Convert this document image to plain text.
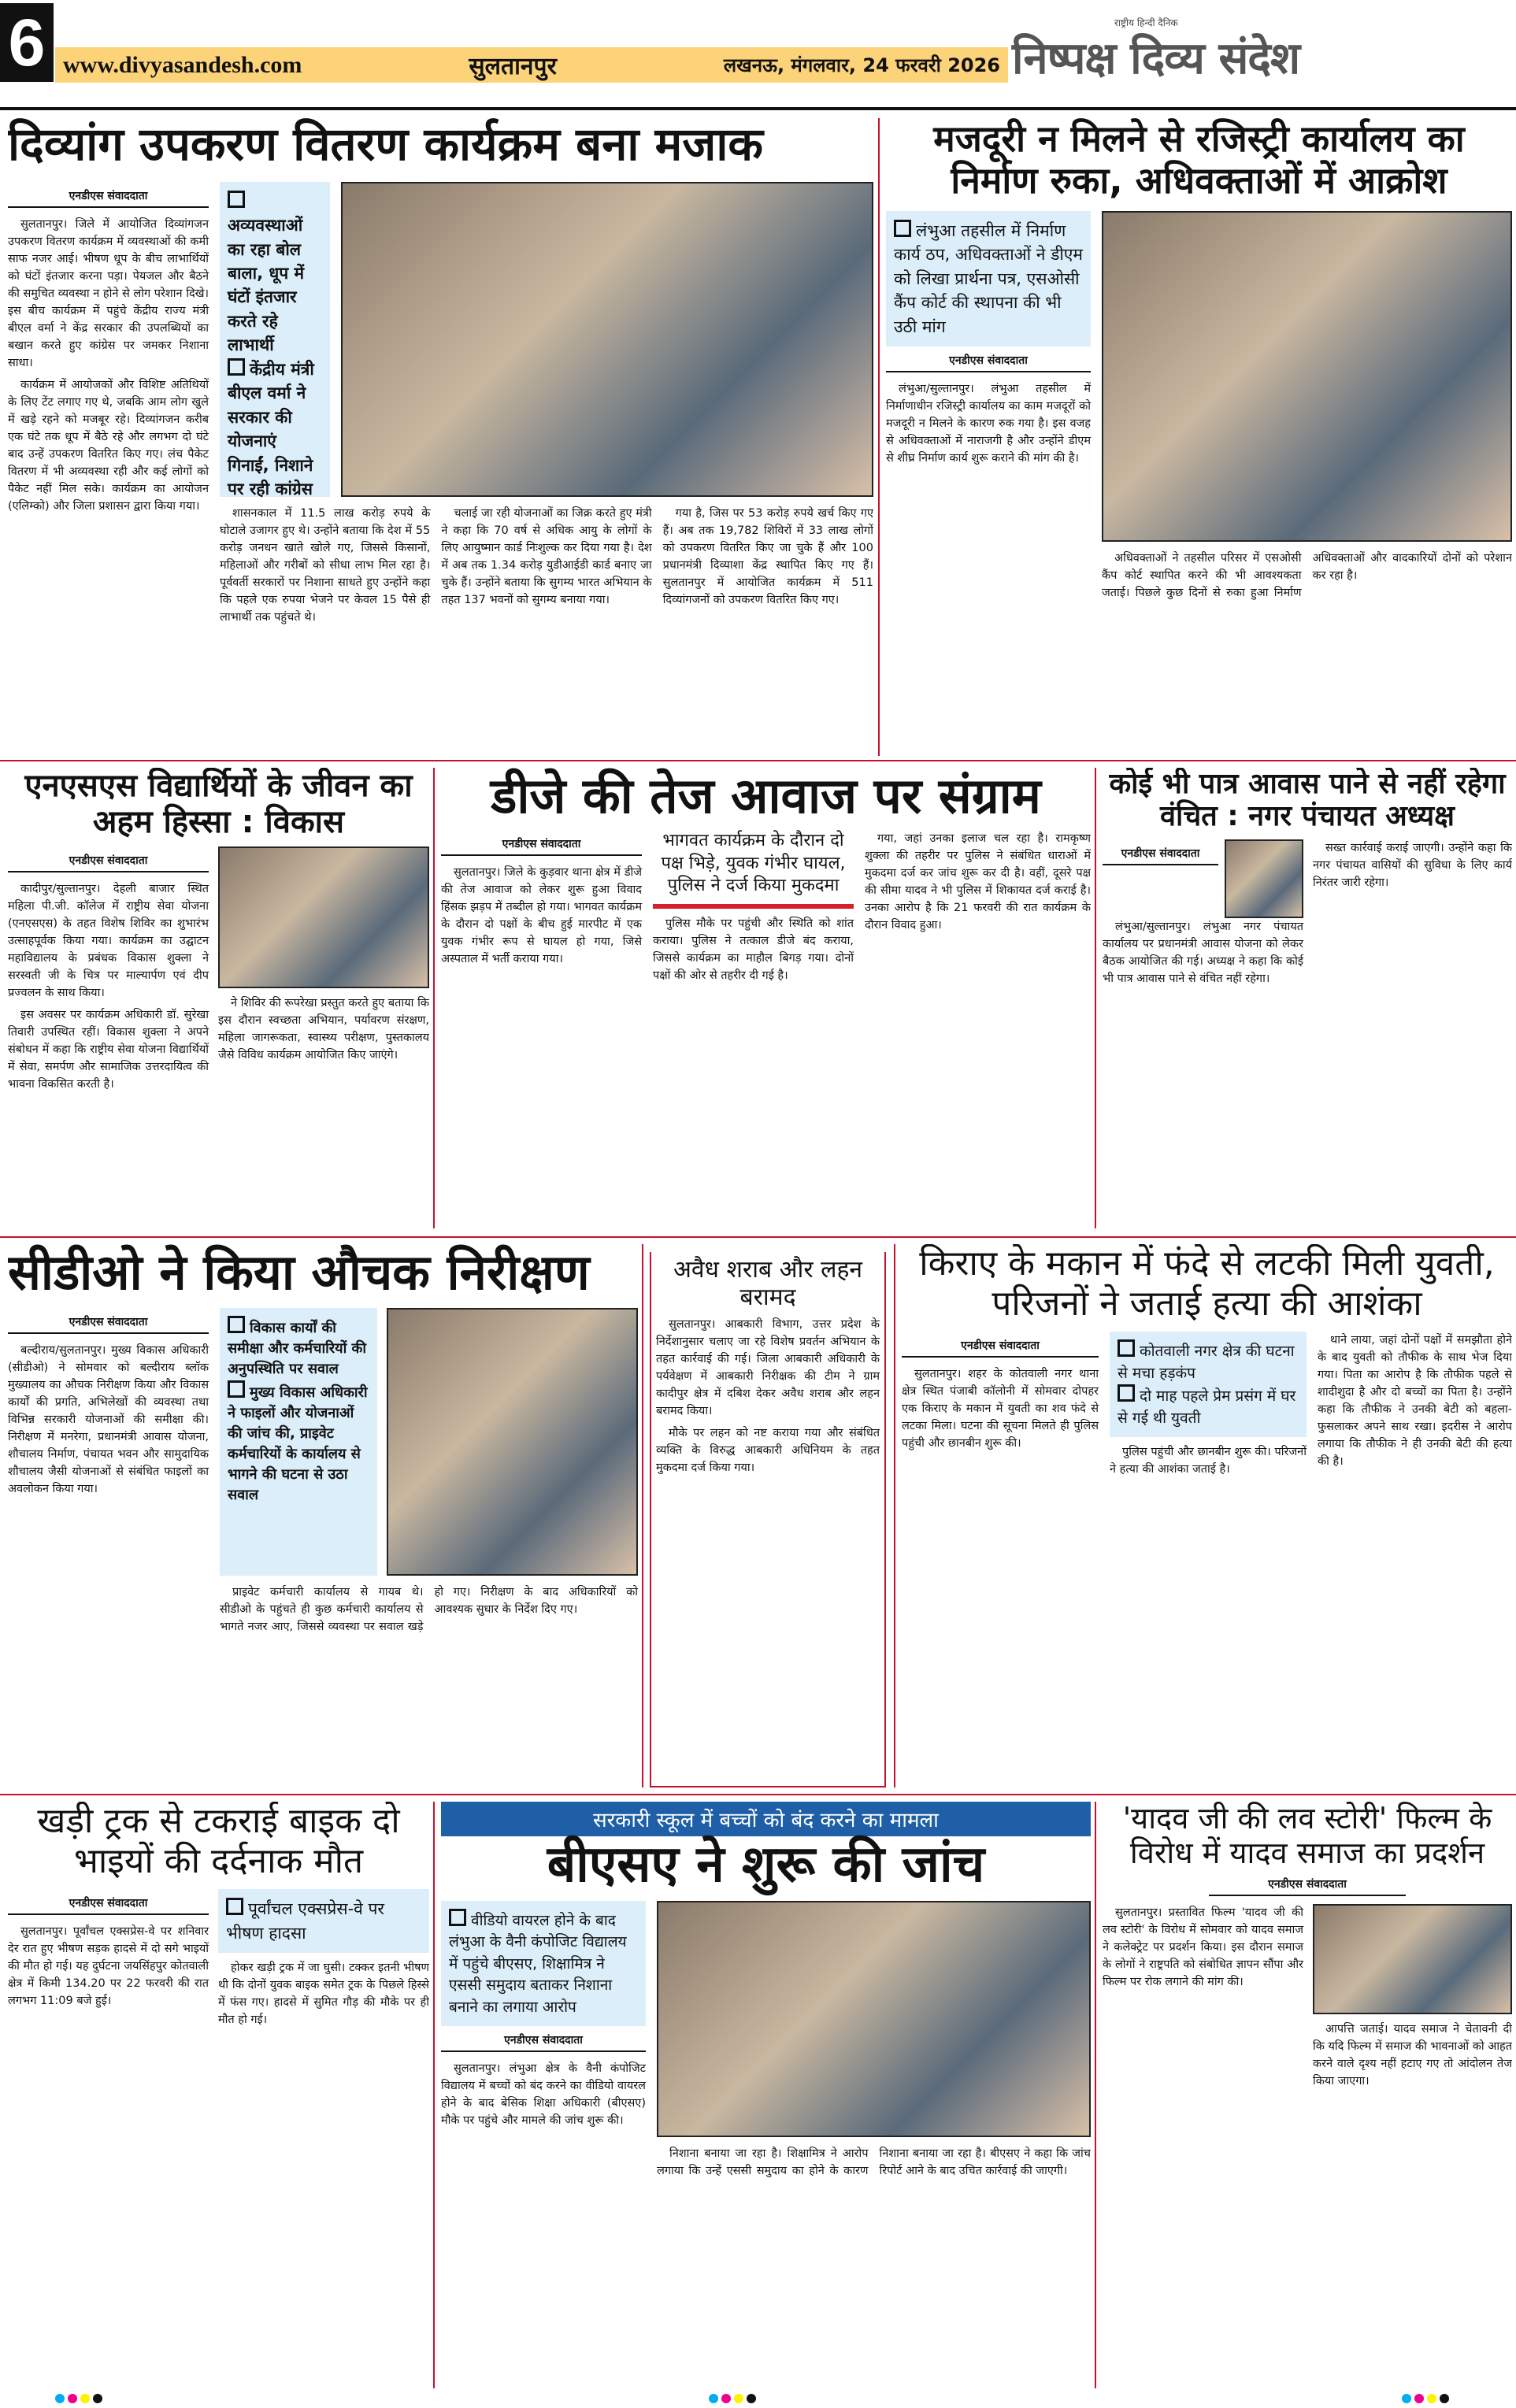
6 www.divyasandesh.com	सुलतानपुर	लखनऊ, मंगलवार, 24 फरवरी 2026
राष्ट्रीय हिन्दी दैनिक
निष्पक्ष दिव्य संदेश
दिव्यांग उपकरण वितरण कार्यक्रम बना मजाक
एनडीएस संवाददाता

सुलतानपुर। जिले में आयोजित दिव्यांगजन उपकरण वितरण कार्यक्रम में व्यवस्थाओं की कमी साफ नजर आई। भीषण धूप के बीच लाभार्थियों को घंटों इंतजार करना पड़ा। पेयजल और बैठने की समुचित व्यवस्था न होने से लोग परेशान दिखे। इस बीच कार्यक्रम में पहुंचे केंद्रीय राज्य मंत्री बीएल वर्मा ने केंद्र सरकार की उपलब्धियों का बखान करते हुए कांग्रेस पर जमकर निशाना साधा।

कार्यक्रम में आयोजकों और विशिष्ट अतिथियों के लिए टेंट लगाए गए थे, जबकि आम लोग खुले में खड़े रहने को मजबूर रहे। दिव्यांगजन करीब एक घंटे तक धूप में बैठे रहे और लगभग दो घंटे बाद उन्हें उपकरण वितरित किए गए। लंच पैकेट वितरण में भी अव्यवस्था रही और कई लोगों को पैकेट नहीं मिल सके। कार्यक्रम का आयोजन (एलिम्को) और जिला प्रशासन द्वारा किया गया।

अव्यवस्थाओं का रहा बोल बाला, धूप में घंटों इंतजार करते रहे लाभार्थी
केंद्रीय मंत्री बीएल वर्मा ने सरकार की योजनाएं गिनाईं, निशाने पर रही कांग्रेस

शासनकाल में 11.5 लाख करोड़ रुपये के घोटाले उजागर हुए थे। उन्होंने बताया कि देश में 55 करोड़ जनधन खाते खोले गए, जिससे किसानों, महिलाओं और गरीबों को सीधा लाभ मिल रहा है। पूर्ववर्ती सरकारों पर निशाना साधते हुए उन्होंने कहा कि पहले एक रुपया भेजने पर केवल 15 पैसे ही लाभार्थी तक पहुंचते थे।

चलाई जा रही योजनाओं का जिक्र करते हुए मंत्री ने कहा कि 70 वर्ष से अधिक आयु के लोगों के लिए आयुष्मान कार्ड निःशुल्क कर दिया गया है। देश में अब तक 1.34 करोड़ युडीआईडी कार्ड बनाए जा चुके हैं। उन्होंने बताया कि सुगम्य भारत अभियान के तहत 137 भवनों को सुगम्य बनाया गया।

गया है, जिस पर 53 करोड़ रुपये खर्च किए गए हैं। अब तक 19,782 शिविरों में 33 लाख लोगों को उपकरण वितरित किए जा चुके हैं और 100 प्रधानमंत्री दिव्याशा केंद्र स्थापित किए गए हैं। सुलतानपुर में आयोजित कार्यक्रम में 511 दिव्यांगजनों को उपकरण वितरित किए गए।

मजदूरी न मिलने से रजिस्ट्री कार्यालय का निर्माण रुका, अधिवक्ताओं में आक्रोश
लंभुआ तहसील में निर्माण कार्य ठप, अधिवक्ताओं ने डीएम को लिखा प्रार्थना पत्र, एसओसी कैंप कोर्ट की स्थापना की भी उठी मांग
एनडीएस संवाददाता

लंभुआ/सुल्तानपुर। लंभुआ तहसील में निर्माणाधीन रजिस्ट्री कार्यालय का काम मजदूरों को मजदूरी न मिलने के कारण रुक गया है। इस वजह से अधिवक्ताओं में नाराजगी है और उन्होंने डीएम से शीघ्र निर्माण कार्य शुरू कराने की मांग की है।

अधिवक्ताओं ने तहसील परिसर में एसओसी कैंप कोर्ट स्थापित करने की भी आवश्यकता जताई। पिछले कुछ दिनों से रुका हुआ निर्माण अधिवक्ताओं और वादकारियों दोनों को परेशान कर रहा है।

एनएसएस विद्यार्थियों के जीवन का अहम हिस्सा : विकास
एनडीएस संवाददाता

कादीपुर/सुल्तानपुर। देहली बाजार स्थित महिला पी.जी. कॉलेज में राष्ट्रीय सेवा योजना (एनएसएस) के तहत विशेष शिविर का शुभारंभ उत्साहपूर्वक किया गया। कार्यक्रम का उद्घाटन महाविद्यालय के प्रबंधक विकास शुक्ला ने सरस्वती जी के चित्र पर माल्यार्पण एवं दीप प्रज्वलन के साथ किया।

इस अवसर पर कार्यक्रम अधिकारी डॉ. सुरेखा तिवारी उपस्थित रहीं। विकास शुक्ला ने अपने संबोधन में कहा कि राष्ट्रीय सेवा योजना विद्यार्थियों में सेवा, समर्पण और सामाजिक उत्तरदायित्व की भावना विकसित करती है।

ने शिविर की रूपरेखा प्रस्तुत करते हुए बताया कि इस दौरान स्वच्छता अभियान, पर्यावरण संरक्षण, महिला जागरूकता, स्वास्थ्य परीक्षण, पुस्तकालय जैसे विविध कार्यक्रम आयोजित किए जाएंगे।

डीजे की तेज आवाज पर संग्राम
एनडीएस संवाददाता

सुलतानपुर। जिले के कुड़वार थाना क्षेत्र में डीजे की तेज आवाज को लेकर शुरू हुआ विवाद हिंसक झड़प में तब्दील हो गया। भागवत कार्यक्रम के दौरान दो पक्षों के बीच हुई मारपीट में एक युवक गंभीर रूप से घायल हो गया, जिसे अस्पताल में भर्ती कराया गया।

भागवत कार्यक्रम के दौरान दो पक्ष भिड़े, युवक गंभीर घायल, पुलिस ने दर्ज किया मुकदमा

पुलिस मौके पर पहुंची और स्थिति को शांत कराया। पुलिस ने तत्काल डीजे बंद कराया, जिससे कार्यक्रम का माहौल बिगड़ गया। दोनों पक्षों की ओर से तहरीर दी गई है।

गया, जहां उनका इलाज चल रहा है। रामकृष्ण शुक्ला की तहरीर पर पुलिस ने संबंधित धाराओं में मुकदमा दर्ज कर जांच शुरू कर दी है। वहीं, दूसरे पक्ष की सीमा यादव ने भी पुलिस में शिकायत दर्ज कराई है। उनका आरोप है कि 21 फरवरी की रात कार्यक्रम के दौरान विवाद हुआ।

कोई भी पात्र आवास पाने से नहीं रहेगा वंचित : नगर पंचायत अध्यक्ष
एनडीएस संवाददाता

लंभुआ/सुल्तानपुर। लंभुआ नगर पंचायत कार्यालय पर प्रधानमंत्री आवास योजना को लेकर बैठक आयोजित की गई। अध्यक्ष ने कहा कि कोई भी पात्र आवास पाने से वंचित नहीं रहेगा।

सख्त कार्रवाई कराई जाएगी। उन्होंने कहा कि नगर पंचायत वासियों की सुविधा के लिए कार्य निरंतर जारी रहेगा।

सीडीओ ने किया औचक निरीक्षण
एनडीएस संवाददाता

बल्दीराय/सुलतानपुर। मुख्य विकास अधिकारी (सीडीओ) ने सोमवार को बल्दीराय ब्लॉक मुख्यालय का औचक निरीक्षण किया और विकास कार्यों की प्रगति, अभिलेखों की व्यवस्था तथा विभिन्न सरकारी योजनाओं की समीक्षा की। निरीक्षण में मनरेगा, प्रधानमंत्री आवास योजना, शौचालय निर्माण, पंचायत भवन और सामुदायिक शौचालय जैसी योजनाओं से संबंधित फाइलों का अवलोकन किया गया।

विकास कार्यों की समीक्षा और कर्मचारियों की अनुपस्थिति पर सवाल
मुख्य विकास अधिकारी ने फाइलों और योजनाओं की जांच की, प्राइवेट कर्मचारियों के कार्यालय से भागने की घटना से उठा सवाल

प्राइवेट कर्मचारी कार्यालय से गायब थे। सीडीओ के पहुंचते ही कुछ कर्मचारी कार्यालय से भागते नजर आए, जिससे व्यवस्था पर सवाल खड़े हो गए। निरीक्षण के बाद अधिकारियों को आवश्यक सुधार के निर्देश दिए गए।

अवैध शराब और लहन बरामद

सुलतानपुर। आबकारी विभाग, उत्तर प्रदेश के निर्देशानुसार चलाए जा रहे विशेष प्रवर्तन अभियान के तहत कार्रवाई की गई। जिला आबकारी अधिकारी के पर्यवेक्षण में आबकारी निरीक्षक की टीम ने ग्राम कादीपुर क्षेत्र में दबिश देकर अवैध शराब और लहन बरामद किया।

मौके पर लहन को नष्ट कराया गया और संबंधित व्यक्ति के विरुद्ध आबकारी अधिनियम के तहत मुकदमा दर्ज किया गया।

किराए के मकान में फंदे से लटकी मिली युवती, परिजनों ने जताई हत्या की आशंका
एनडीएस संवाददाता

सुलतानपुर। शहर के कोतवाली नगर थाना क्षेत्र स्थित पंजाबी कॉलोनी में सोमवार दोपहर एक किराए के मकान में युवती का शव फंदे से लटका मिला। घटना की सूचना मिलते ही पुलिस पहुंची और छानबीन शुरू की।

कोतवाली नगर क्षेत्र की घटना से मचा हड़कंप
दो माह पहले प्रेम प्रसंग में घर से गई थी युवती

पुलिस पहुंची और छानबीन शुरू की। परिजनों ने हत्या की आशंका जताई है।

थाने लाया, जहां दोनों पक्षों में समझौता होने के बाद युवती को तौफीक के साथ भेज दिया गया। पिता का आरोप है कि तौफीक पहले से शादीशुदा है और दो बच्चों का पिता है। उन्होंने कहा कि तौफीक ने उनकी बेटी को बहला-फुसलाकर अपने साथ रखा। इदरीस ने आरोप लगाया कि तौफीक ने ही उनकी बेटी की हत्या की है।

खड़ी ट्रक से टकराई बाइक दो भाइयों की दर्दनाक मौत
एनडीएस संवाददाता

सुलतानपुर। पूर्वांचल एक्सप्रेस-वे पर शनिवार देर रात हुए भीषण सड़क हादसे में दो सगे भाइयों की मौत हो गई। यह दुर्घटना जयसिंहपुर कोतवाली क्षेत्र में किमी 134.20 पर 22 फरवरी की रात लगभग 11:09 बजे हुई।

पूर्वांचल एक्सप्रेस-वे पर भीषण हादसा

होकर खड़ी ट्रक में जा घुसी। टक्कर इतनी भीषण थी कि दोनों युवक बाइक समेत ट्रक के पिछले हिस्से में फंस गए। हादसे में सुमित गौड़ की मौके पर ही मौत हो गई।

सरकारी स्कूल में बच्चों को बंद करने का मामला
बीएसए ने शुरू की जांच
वीडियो वायरल होने के बाद लंभुआ के वैनी कंपोजिट विद्यालय में पहुंचे बीएसए, शिक्षामित्र ने एससी समुदाय बताकर निशाना बनाने का लगाया आरोप
एनडीएस संवाददाता

सुलतानपुर। लंभुआ क्षेत्र के वैनी कंपोजिट विद्यालय में बच्चों को बंद करने का वीडियो वायरल होने के बाद बेसिक शिक्षा अधिकारी (बीएसए) मौके पर पहुंचे और मामले की जांच शुरू की।

निशाना बनाया जा रहा है। शिक्षामित्र ने आरोप लगाया कि उन्हें एससी समुदाय का होने के कारण निशाना बनाया जा रहा है। बीएसए ने कहा कि जांच रिपोर्ट आने के बाद उचित कार्रवाई की जाएगी।

'यादव जी की लव स्टोरी' फिल्म के विरोध में यादव समाज का प्रदर्शन
एनडीएस संवाददाता

सुलतानपुर। प्रस्तावित फिल्म 'यादव जी की लव स्टोरी' के विरोध में सोमवार को यादव समाज ने कलेक्ट्रेट पर प्रदर्शन किया। इस दौरान समाज के लोगों ने राष्ट्रपति को संबोधित ज्ञापन सौंपा और फिल्म पर रोक लगाने की मांग की।

आपत्ति जताई। यादव समाज ने चेतावनी दी कि यदि फिल्म में समाज की भावनाओं को आहत करने वाले दृश्य नहीं हटाए गए तो आंदोलन तेज किया जाएगा।
